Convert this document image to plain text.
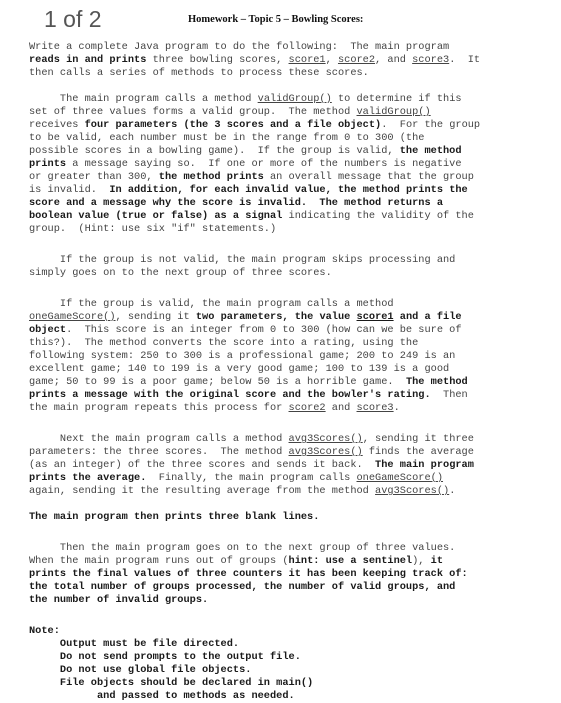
1 of 2	Homework – Topic 5 – Bowling Scores:
Write a complete Java program to do the following:  The main program
reads in and prints three bowling scores, score1, score2, and score3.  It
then calls a series of methods to process these scores.
The main program calls a method validGroup() to determine if this
set of three values forms a valid group.  The method validGroup()
receives four parameters (the 3 scores and a file object).  For the group
to be valid, each number must be in the range from 0 to 300 (the
possible scores in a bowling game).  If the group is valid, the method
prints a message saying so.  If one or more of the numbers is negative
or greater than 300, the method prints an overall message that the group
is invalid.  In addition, for each invalid value, the method prints the
score and a message why the score is invalid.  The method returns a
boolean value (true or false) as a signal indicating the validity of the
group.  (Hint: use six "if" statements.)
If the group is not valid, the main program skips processing and
simply goes on to the next group of three scores.
If the group is valid, the main program calls a method
oneGameScore(), sending it two parameters, the value score1 and a file
object.  This score is an integer from 0 to 300 (how can we be sure of
this?).  The method converts the score into a rating, using the
following system: 250 to 300 is a professional game; 200 to 249 is an
excellent game; 140 to 199 is a very good game; 100 to 139 is a good
game; 50 to 99 is a poor game; below 50 is a horrible game.  The method
prints a message with the original score and the bowler's rating.  Then
the main program repeats this process for score2 and score3.
Next the main program calls a method avg3Scores(), sending it three
parameters: the three scores.  The method avg3Scores() finds the average
(as an integer) of the three scores and sends it back.  The main program
prints the average.  Finally, the main program calls oneGameScore()
again, sending it the resulting average from the method avg3Scores().
The main program then prints three blank lines.
Then the main program goes on to the next group of three values.
When the main program runs out of groups (hint: use a sentinel), it
prints the final values of three counters it has been keeping track of:
the total number of groups processed, the number of valid groups, and
the number of invalid groups.
Note:
Output must be file directed.
Do not send prompts to the output file.
Do not use global file objects.
File objects should be declared in main()
and passed to methods as needed.
